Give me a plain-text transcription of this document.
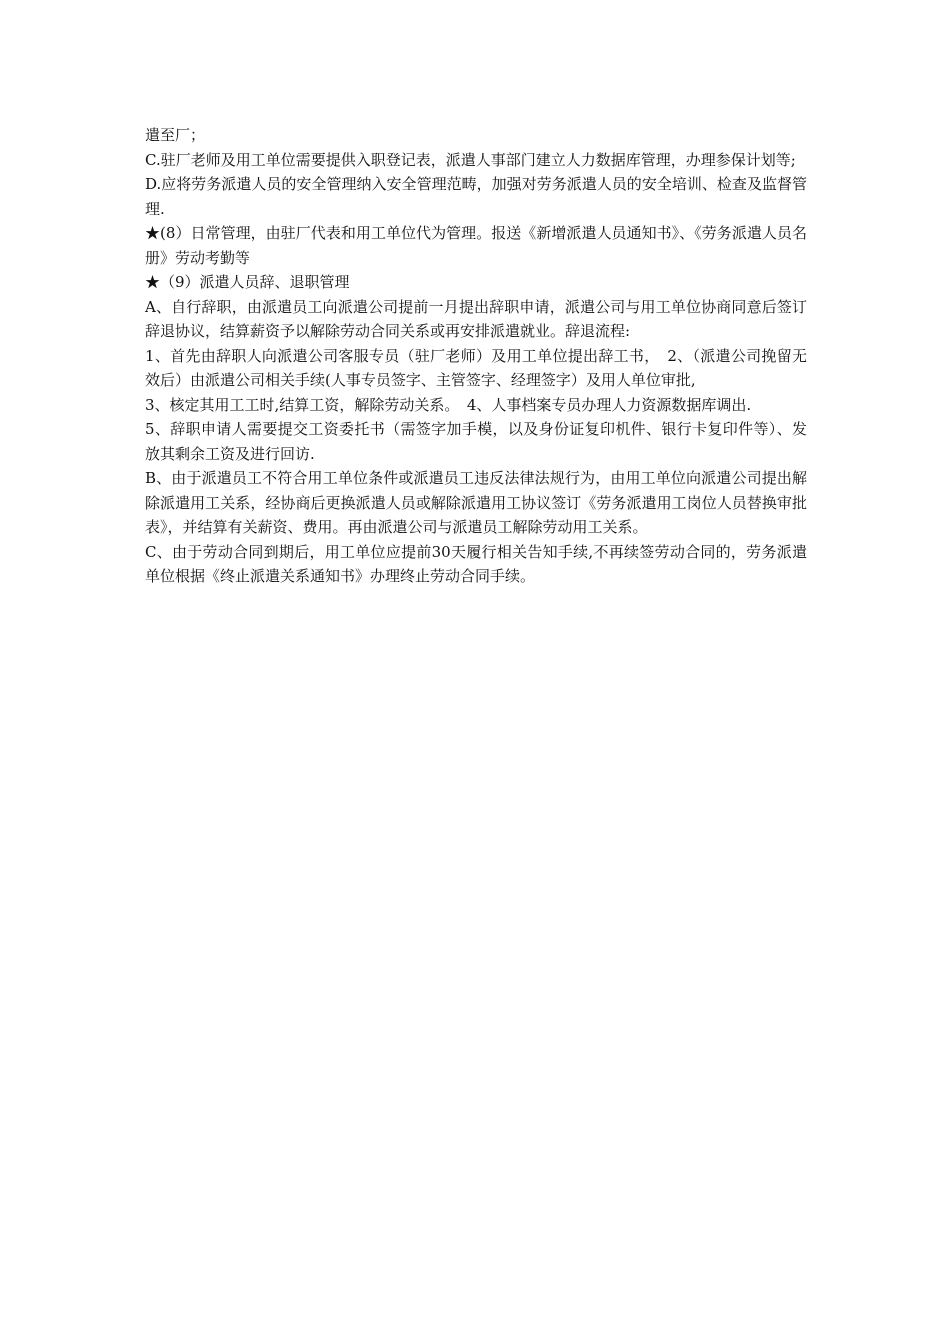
遣至厂；

C.驻厂老师及用工单位需要提供入职登记表，派遣人事部门建立人力数据库管理，办理参保计划等;

D.应将劳务派遣人员的安全管理纳入安全管理范畴，加强对劳务派遣人员的安全培训、检查及监督管理.

★(8）日常管理，由驻厂代表和用工单位代为管理。报送《新增派遣人员通知书》、《劳务派遣人员名册》劳动考勤等

★（9）派遣人员辞、退职管理

A、自行辞职，由派遣员工向派遣公司提前一月提出辞职申请，派遣公司与用工单位协商同意后签订辞退协议，结算薪资予以解除劳动合同关系或再安排派遣就业。辞退流程:

1、首先由辞职人向派遣公司客服专员（驻厂老师）及用工单位提出辞工书，　2、（派遣公司挽留无效后）由派遣公司相关手续(人事专员签字、主管签字、经理签字）及用人单位审批,

3、核定其用工工时,结算工资，解除劳动关系。　4、人事档案专员办理人力资源数据库调出.

5、辞职申请人需要提交工资委托书（需签字加手模，以及身份证复印机件、银行卡复印件等）、发放其剩余工资及进行回访.

B、由于派遣员工不符合用工单位条件或派遣员工违反法律法规行为，由用工单位向派遣公司提出解除派遣用工关系，经协商后更换派遣人员或解除派遣用工协议签订《劳务派遣用工岗位人员替换审批表》，并结算有关薪资、费用。再由派遣公司与派遣员工解除劳动用工关系。

C、由于劳动合同到期后，用工单位应提前30天履行相关告知手续,不再续签劳动合同的，劳务派遣单位根据《终止派遣关系通知书》办理终止劳动合同手续。
